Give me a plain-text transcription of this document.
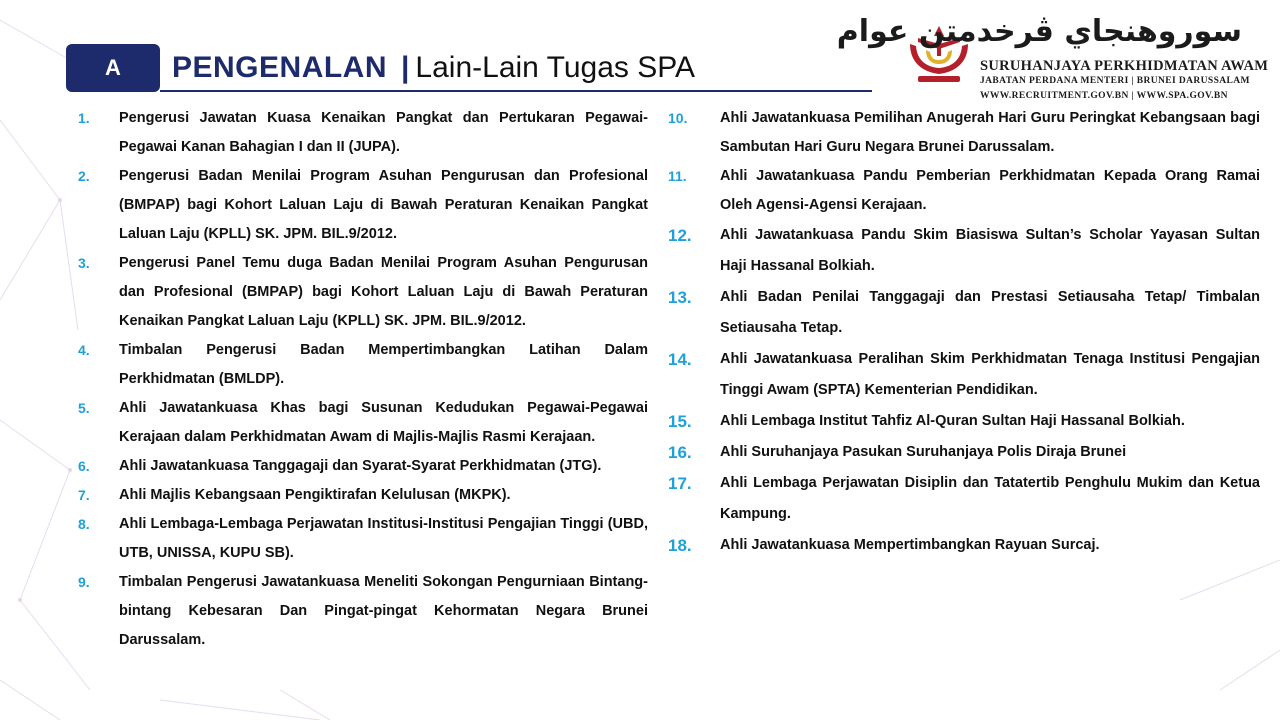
A PENGENALAN | Lain-Lain Tugas SPA
سوروهنجاي ڤرخدمتن عوام
SURUHANJAYA PERKHIDMATAN AWAM
JABATAN PERDANA MENTERI | BRUNEI DARUSSALAM
WWW.RECRUITMENT.GOV.BN | WWW.SPA.GOV.BN
1.	Pengerusi Jawatan Kuasa Kenaikan Pangkat dan Pertukaran Pegawai-Pegawai Kanan Bahagian I dan II (JUPA).
2.	Pengerusi Badan Menilai Program Asuhan Pengurusan dan Profesional (BMPAP) bagi Kohort Laluan Laju di Bawah Peraturan Kenaikan Pangkat Laluan Laju (KPLL) SK. JPM. BIL.9/2012.
3.	Pengerusi Panel Temu duga Badan Menilai Program Asuhan Pengurusan dan Profesional (BMPAP) bagi Kohort Laluan Laju di Bawah Peraturan Kenaikan Pangkat Laluan Laju (KPLL) SK. JPM. BIL.9/2012.
4.	Timbalan Pengerusi Badan Mempertimbangkan Latihan Dalam Perkhidmatan (BMLDP).
5.	Ahli Jawatankuasa Khas bagi Susunan Kedudukan Pegawai-Pegawai Kerajaan dalam Perkhidmatan Awam di Majlis-Majlis Rasmi Kerajaan.
6.	Ahli Jawatankuasa Tanggagaji dan Syarat-Syarat Perkhidmatan (JTG).
7.	Ahli Majlis Kebangsaan Pengiktirafan Kelulusan (MKPK).
8.	Ahli Lembaga-Lembaga Perjawatan Institusi-Institusi Pengajian Tinggi (UBD, UTB, UNISSA, KUPU SB).
9.	Timbalan Pengerusi Jawatankuasa Meneliti Sokongan Pengurniaan Bintang-bintang Kebesaran Dan Pingat-pingat Kehormatan Negara Brunei Darussalam.
10.	Ahli Jawatankuasa Pemilihan Anugerah Hari Guru Peringkat Kebangsaan bagi Sambutan Hari Guru Negara Brunei Darussalam.
11.	Ahli Jawatankuasa Pandu Pemberian Perkhidmatan Kepada Orang Ramai Oleh Agensi-Agensi Kerajaan.
12.	Ahli Jawatankuasa Pandu Skim Biasiswa Sultan’s Scholar Yayasan Sultan Haji Hassanal Bolkiah.
13.	Ahli Badan Penilai Tanggagaji dan Prestasi Setiausaha Tetap/ Timbalan Setiausaha Tetap.
14.	Ahli Jawatankuasa Peralihan Skim Perkhidmatan Tenaga Institusi Pengajian Tinggi Awam (SPTA) Kementerian Pendidikan.
15.	Ahli Lembaga Institut Tahfiz Al-Quran Sultan Haji Hassanal Bolkiah.
16.	Ahli Suruhanjaya Pasukan Suruhanjaya Polis Diraja Brunei
17.	Ahli Lembaga Perjawatan Disiplin dan Tatatertib Penghulu Mukim dan Ketua Kampung.
18.	Ahli Jawatankuasa Mempertimbangkan Rayuan Surcaj.
